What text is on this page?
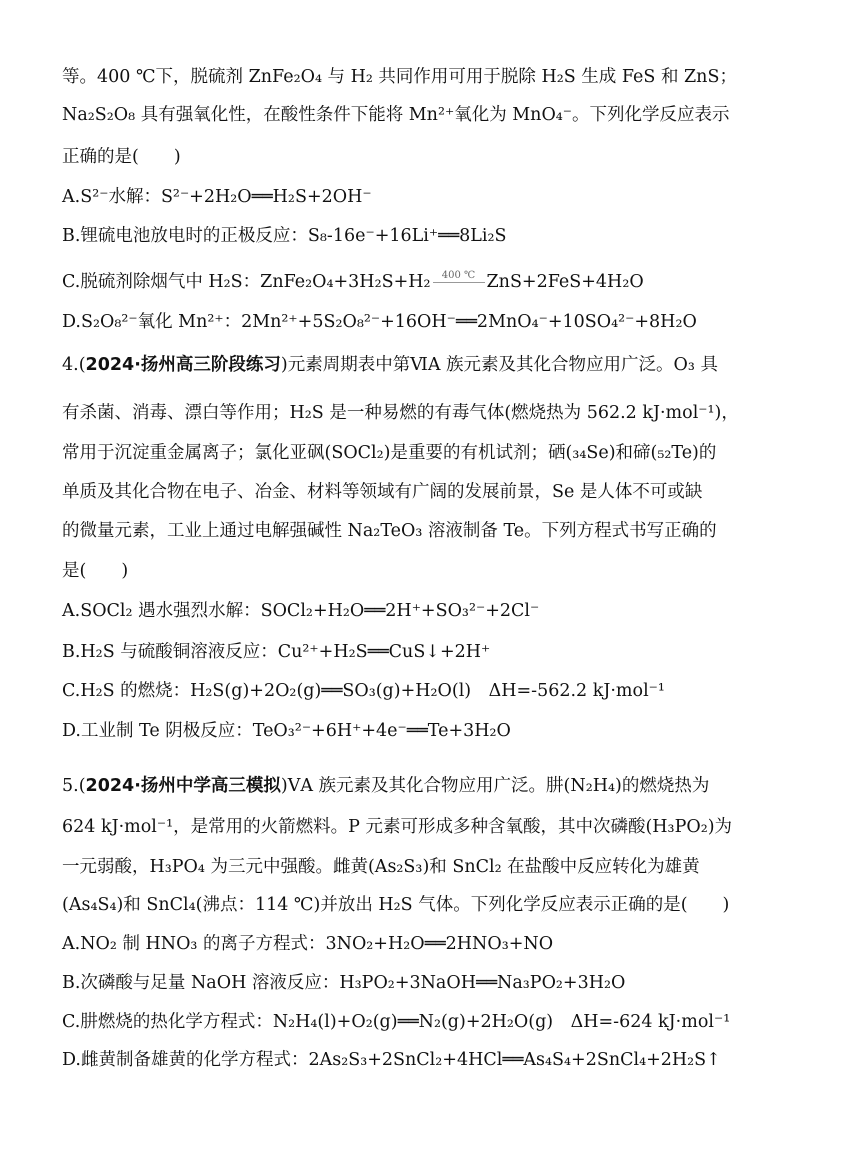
等。400 ℃下，脱硫剂 ZnFe₂O₄ 与 H₂ 共同作用可用于脱除 H₂S 生成 FeS 和 ZnS；
Na₂S₂O₈ 具有强氧化性，在酸性条件下能将 Mn²⁺氧化为 MnO₄⁻。下列化学反应表示
正确的是(　　)
A.S²⁻水解：S²⁻+2H₂O══H₂S+2OH⁻
B.锂硫电池放电时的正极反应：S₈-16e⁻+16Li⁺══8Li₂S
C.脱硫剂除烟气中 H₂S：ZnFe₂O₄+3H₂S+H₂	400 ℃ ZnS+2FeS+4H₂O
D.S₂O₈²⁻氧化 Mn²⁺：2Mn²⁺+5S₂O₈²⁻+16OH⁻══2MnO₄⁻+10SO₄²⁻+8H₂O
4.(2024·扬州高三阶段练习)元素周期表中第ⅥA 族元素及其化合物应用广泛。O₃ 具
有杀菌、消毒、漂白等作用；H₂S 是一种易燃的有毒气体(燃烧热为 562.2 kJ·mol⁻¹)，
常用于沉淀重金属离子；氯化亚砜(SOCl₂)是重要的有机试剂；硒(₃₄Se)和碲(₅₂Te)的
单质及其化合物在电子、冶金、材料等领域有广阔的发展前景，Se 是人体不可或缺
的微量元素，工业上通过电解强碱性 Na₂TeO₃ 溶液制备 Te。下列方程式书写正确的
是(　　)
A.SOCl₂ 遇水强烈水解：SOCl₂+H₂O══2H⁺+SO₃²⁻+2Cl⁻
B.H₂S 与硫酸铜溶液反应：Cu²⁺+H₂S══CuS↓+2H⁺
C.H₂S 的燃烧：H₂S(g)+2O₂(g)══SO₃(g)+H₂O(l)　ΔH=-562.2 kJ·mol⁻¹
D.工业制 Te 阴极反应：TeO₃²⁻+6H⁺+4e⁻══Te+3H₂O
5.(2024·扬州中学高三模拟)ⅤA 族元素及其化合物应用广泛。肼(N₂H₄)的燃烧热为
624 kJ·mol⁻¹，是常用的火箭燃料。P 元素可形成多种含氧酸，其中次磷酸(H₃PO₂)为
一元弱酸，H₃PO₄ 为三元中强酸。雌黄(As₂S₃)和 SnCl₂ 在盐酸中反应转化为雄黄
(As₄S₄)和 SnCl₄(沸点：114 ℃)并放出 H₂S 气体。下列化学反应表示正确的是(　　)
A.NO₂ 制 HNO₃ 的离子方程式：3NO₂+H₂O══2HNO₃+NO
B.次磷酸与足量 NaOH 溶液反应：H₃PO₂+3NaOH══Na₃PO₂+3H₂O
C.肼燃烧的热化学方程式：N₂H₄(l)+O₂(g)══N₂(g)+2H₂O(g)　ΔH=-624 kJ·mol⁻¹
D.雌黄制备雄黄的化学方程式：2As₂S₃+2SnCl₂+4HCl══As₄S₄+2SnCl₄+2H₂S↑
